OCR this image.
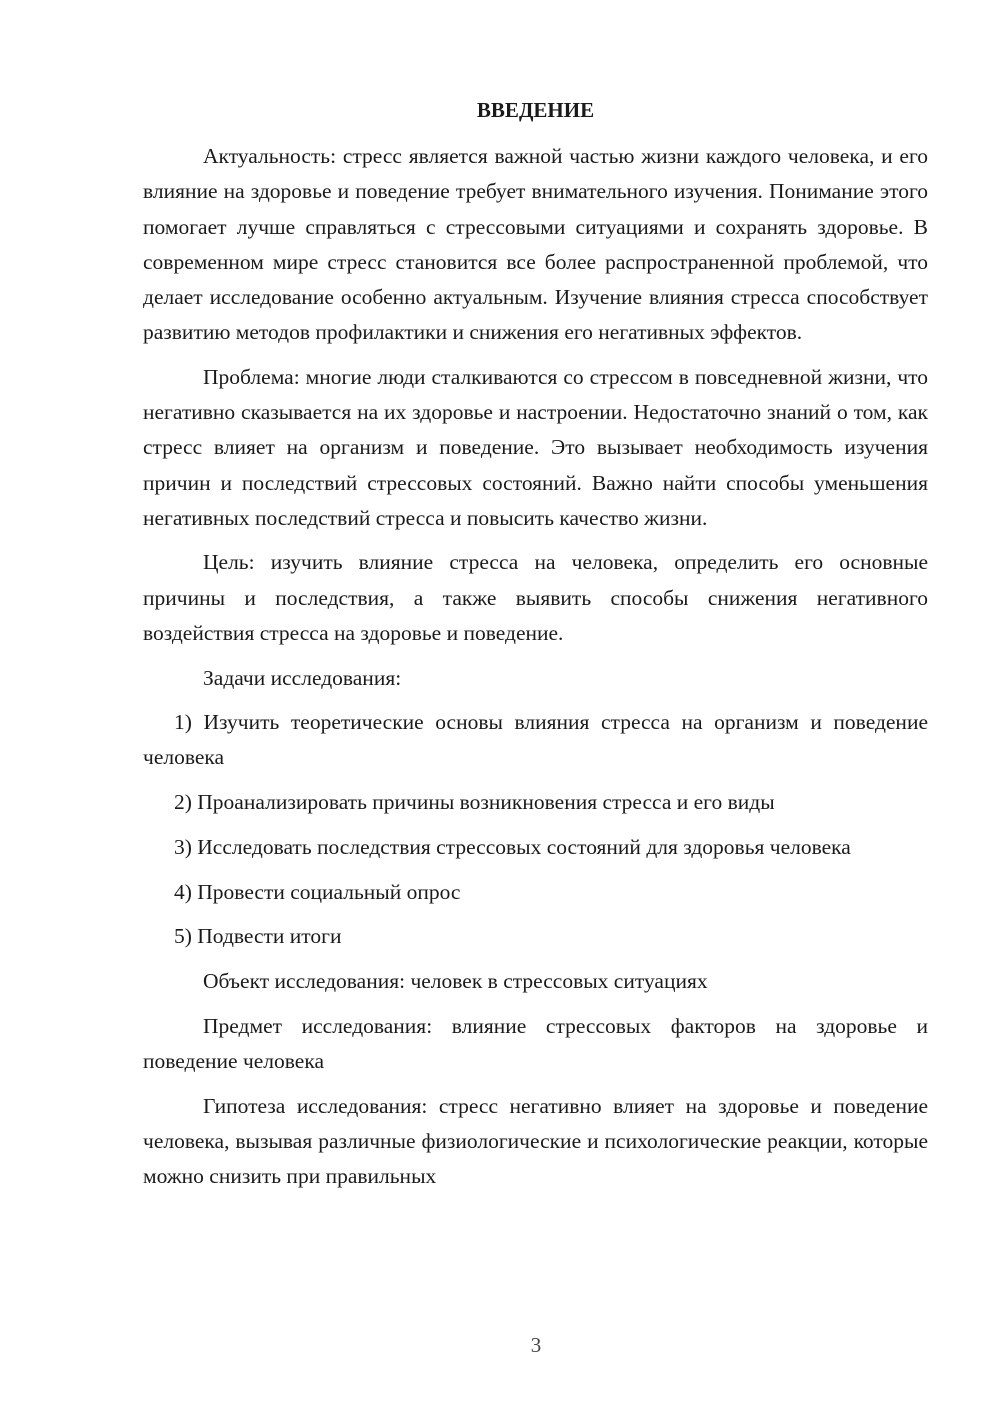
ВВЕДЕНИЕ

Актуальность: стресс является важной частью жизни каждого человека, и его влияние на здоровье и поведение требует внимательного изучения. Понимание этого помогает лучше справляться с стрессовыми ситуациями и сохранять здоровье. В современном мире стресс становится все более распространенной проблемой, что делает исследование особенно актуальным. Изучение влияния стресса способствует развитию методов профилактики и снижения его негативных эффектов.

Проблема: многие люди сталкиваются со стрессом в повседневной жизни, что негативно сказывается на их здоровье и настроении. Недостаточно знаний о том, как стресс влияет на организм и поведение. Это вызывает необходимость изучения причин и последствий стрессовых состояний. Важно найти способы уменьшения негативных последствий стресса и повысить качество жизни.

Цель: изучить влияние стресса на человека, определить его основные причины и последствия, а также выявить способы снижения негативного воздействия стресса на здоровье и поведение.

Задачи исследования:

1) Изучить теоретические основы влияния стресса на организм и поведение человека

2) Проанализировать причины возникновения стресса и его виды

3) Исследовать последствия стрессовых состояний для здоровья человека

4) Провести социальный опрос

5) Подвести итоги

Объект исследования: человек в стрессовых ситуациях

Предмет исследования: влияние стрессовых факторов на здоровье и поведение человека

Гипотеза исследования: стресс негативно влияет на здоровье и поведение человека, вызывая различные физиологические и психологические реакции, которые можно снизить при правильных

3
